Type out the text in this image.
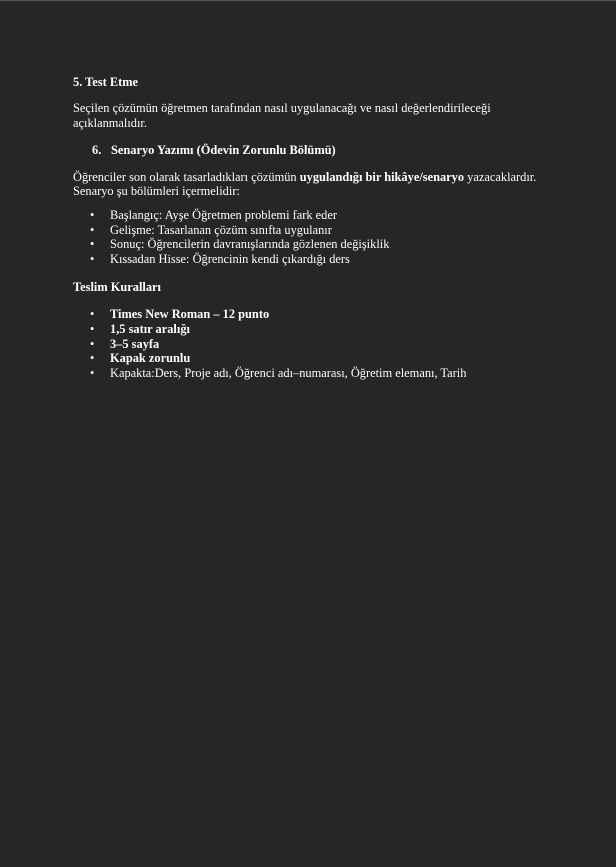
5. Test Etme

Seçilen çözümün öğretmen tarafından nasıl uygulanacağı ve nasıl değerlendirileceği açıklanmalıdır.

6. Senaryo Yazımı (Ödevin Zorunlu Bölümü)

Öğrenciler son olarak tasarladıkları çözümün uygulandığı bir hikâye/senaryo yazacaklardır.
Senaryo şu bölümleri içermelidir:

• Başlangıç: Ayşe Öğretmen problemi fark eder
• Gelişme: Tasarlanan çözüm sınıfta uygulanır
• Sonuç: Öğrencilerin davranışlarında gözlenen değişiklik
• Kıssadan Hisse: Öğrencinin kendi çıkardığı ders
Teslim Kuralları
• Times New Roman – 12 punto
• 1,5 satır aralığı
• 3–5 sayfa
• Kapak zorunlu
• Kapakta:Ders, Proje adı, Öğrenci adı–numarası, Öğretim elemanı, Tarih
